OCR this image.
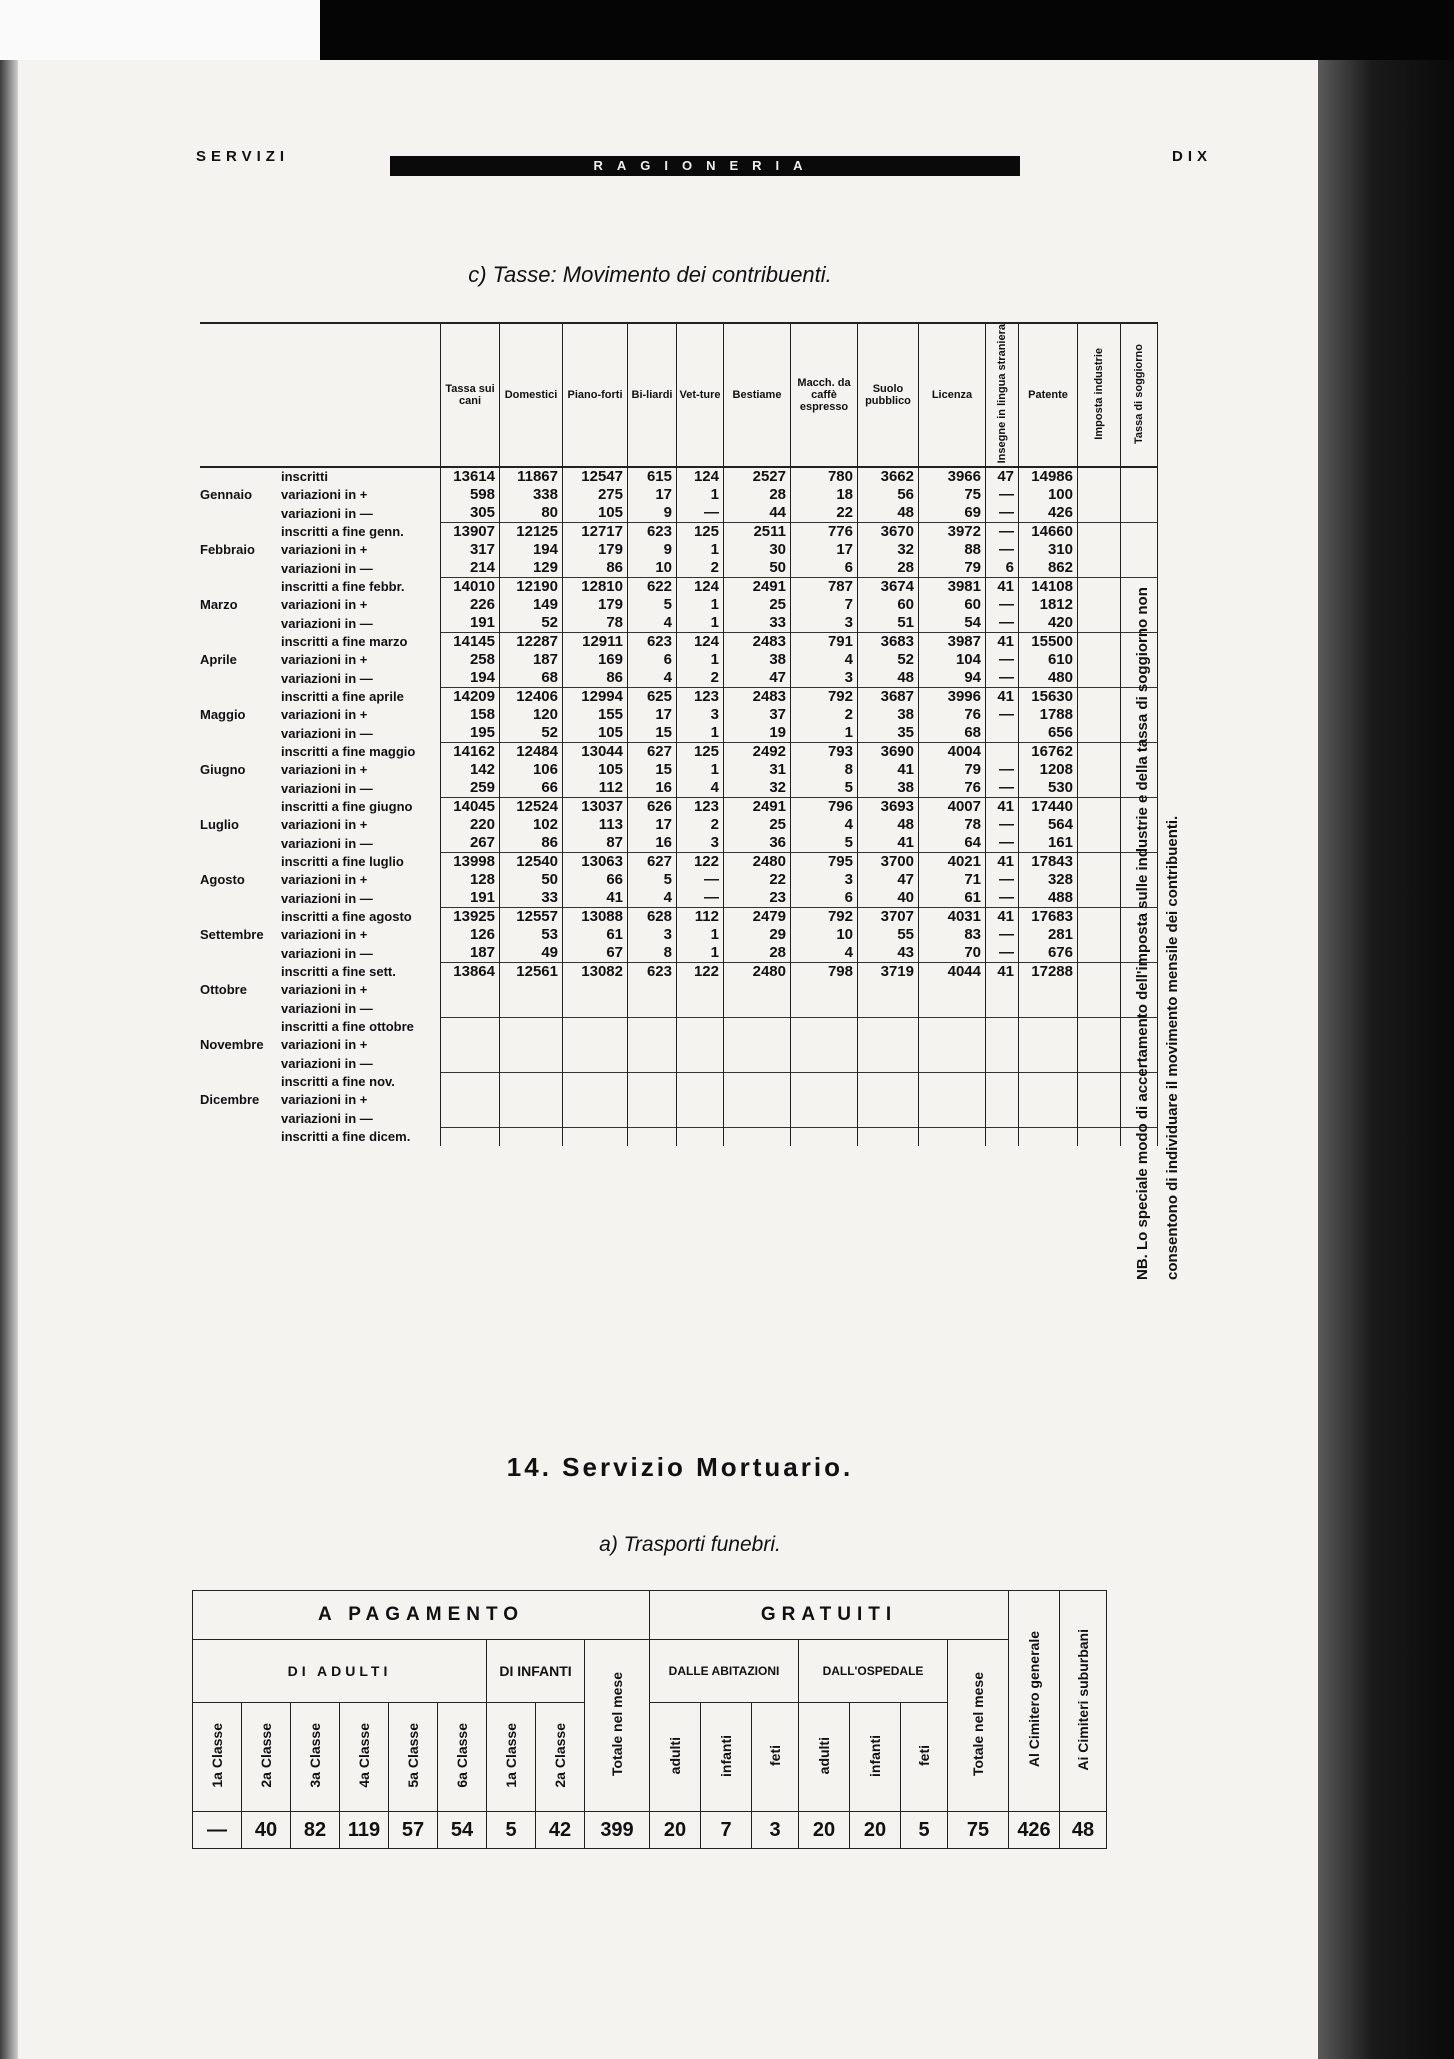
SERVIZI
RAGIONERIA
DIX
c) Tasse: Movimento dei contribuenti.
		Tassa sui cani	Domestici	Piano-forti	Bi-liardi	Vet-ture	Bestiame	Macch. da caffè espresso	Suolo pubblico	Licenza	Insegne in lingua straniera	Patente	Imposta industrie	Tassa di soggiorno
	inscritti	13614	11867	12547	615	124	2527	780	3662	3966	47	14986		
Gennaio	variazioni in +	598	338	275	17	1	28	18	56	75	—	100		
	variazioni in —	305	80	105	9	—	44	22	48	69	—	426		
	inscritti a fine genn.	13907	12125	12717	623	125	2511	776	3670	3972	—	14660		
Febbraio	variazioni in +	317	194	179	9	1	30	17	32	88	—	310		
	variazioni in —	214	129	86	10	2	50	6	28	79	6	862		
	inscritti a fine febbr.	14010	12190	12810	622	124	2491	787	3674	3981	41	14108		
Marzo	variazioni in +	226	149	179	5	1	25	7	60	60	—	1812		
	variazioni in —	191	52	78	4	1	33	3	51	54	—	420		
	inscritti a fine marzo	14145	12287	12911	623	124	2483	791	3683	3987	41	15500		
Aprile	variazioni in +	258	187	169	6	1	38	4	52	104	—	610		
	variazioni in —	194	68	86	4	2	47	3	48	94	—	480		
	inscritti a fine aprile	14209	12406	12994	625	123	2483	792	3687	3996	41	15630		
Maggio	variazioni in +	158	120	155	17	3	37	2	38	76	—	1788		
	variazioni in —	195	52	105	15	1	19	1	35	68		656		
	inscritti a fine maggio	14162	12484	13044	627	125	2492	793	3690	4004		16762		
Giugno	variazioni in +	142	106	105	15	1	31	8	41	79	—	1208		
	variazioni in —	259	66	112	16	4	32	5	38	76	—	530		
	inscritti a fine giugno	14045	12524	13037	626	123	2491	796	3693	4007	41	17440		
Luglio	variazioni in +	220	102	113	17	2	25	4	48	78	—	564		
	variazioni in —	267	86	87	16	3	36	5	41	64	—	161		
	inscritti a fine luglio	13998	12540	13063	627	122	2480	795	3700	4021	41	17843		
Agosto	variazioni in +	128	50	66	5	—	22	3	47	71	—	328		
	variazioni in —	191	33	41	4	—	23	6	40	61	—	488		
	inscritti a fine agosto	13925	12557	13088	628	112	2479	792	3707	4031	41	17683		
Settembre	variazioni in +	126	53	61	3	1	29	10	55	83	—	281		
	variazioni in —	187	49	67	8	1	28	4	43	70	—	676		
	inscritti a fine sett.	13864	12561	13082	623	122	2480	798	3719	4044	41	17288		
Ottobre	variazioni in +													
	variazioni in —													
	inscritti a fine ottobre													
Novembre	variazioni in +													
	variazioni in —													
	inscritti a fine nov.													
Dicembre	variazioni in +													
	variazioni in —													
	inscritti a fine dicem.														NB. Lo speciale modo di accertamento dell'imposta sulle industrie e della tassa di soggiorno non consentono di individuare il movimento mensile dei contribuenti.
14. Servizio Mortuario.
a) Trasporti funebri.
A PAGAMENTO									GRATUITI							Al Cimitero generale	Ai Cimiteri suburbani
DI ADULTI						DI INFANTI		Totale nel mese	DALLE ABITAZIONI			DALL'OSPEDALE			Totale nel mese		
1a Classe	2a Classe	3a Classe	4a Classe	5a Classe	6a Classe	1a Classe	2a Classe		adulti	infanti	feti	adulti	infanti	feti			
—	40	82	119	57	54	5	42	399	20	7	3	20	20	5	75	426	48
